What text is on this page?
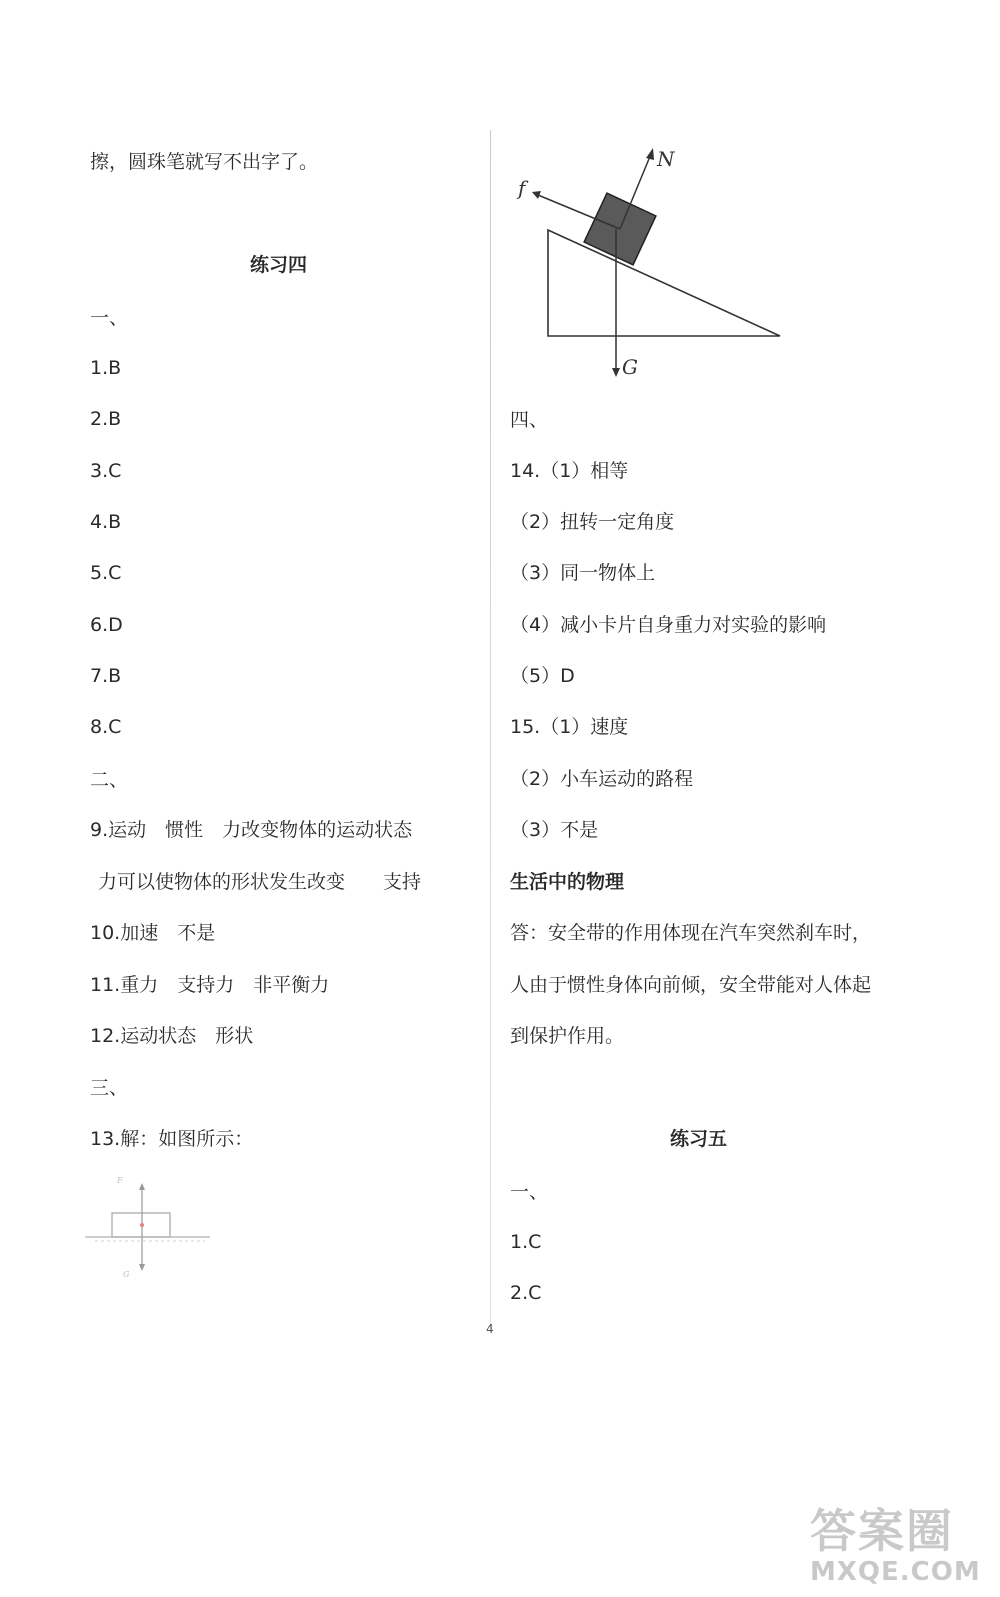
擦，圆珠笔就写不出字了。
练习四
一、
1.B
2.B
3.C
4.B
5.C
6.D
7.B
8.C
二、
9.运动　惯性　力改变物体的运动状态
力可以使物体的形状发生改变　　支持
10.加速　不是
11.重力　支持力　非平衡力
12.运动状态　形状
三、
13.解：如图所示：
F
G
N
f
G
四、
14.（1）相等
（2）扭转一定角度
（3）同一物体上
（4）减小卡片自身重力对实验的影响
（5）D
15.（1）速度
（2）小车运动的路程
（3）不是
生活中的物理
答：安全带的作用体现在汽车突然刹车时，
人由于惯性身体向前倾，安全带能对人体起
到保护作用。
练习五
一、
1.C
2.C
4
答案圈
MXQE.COM
